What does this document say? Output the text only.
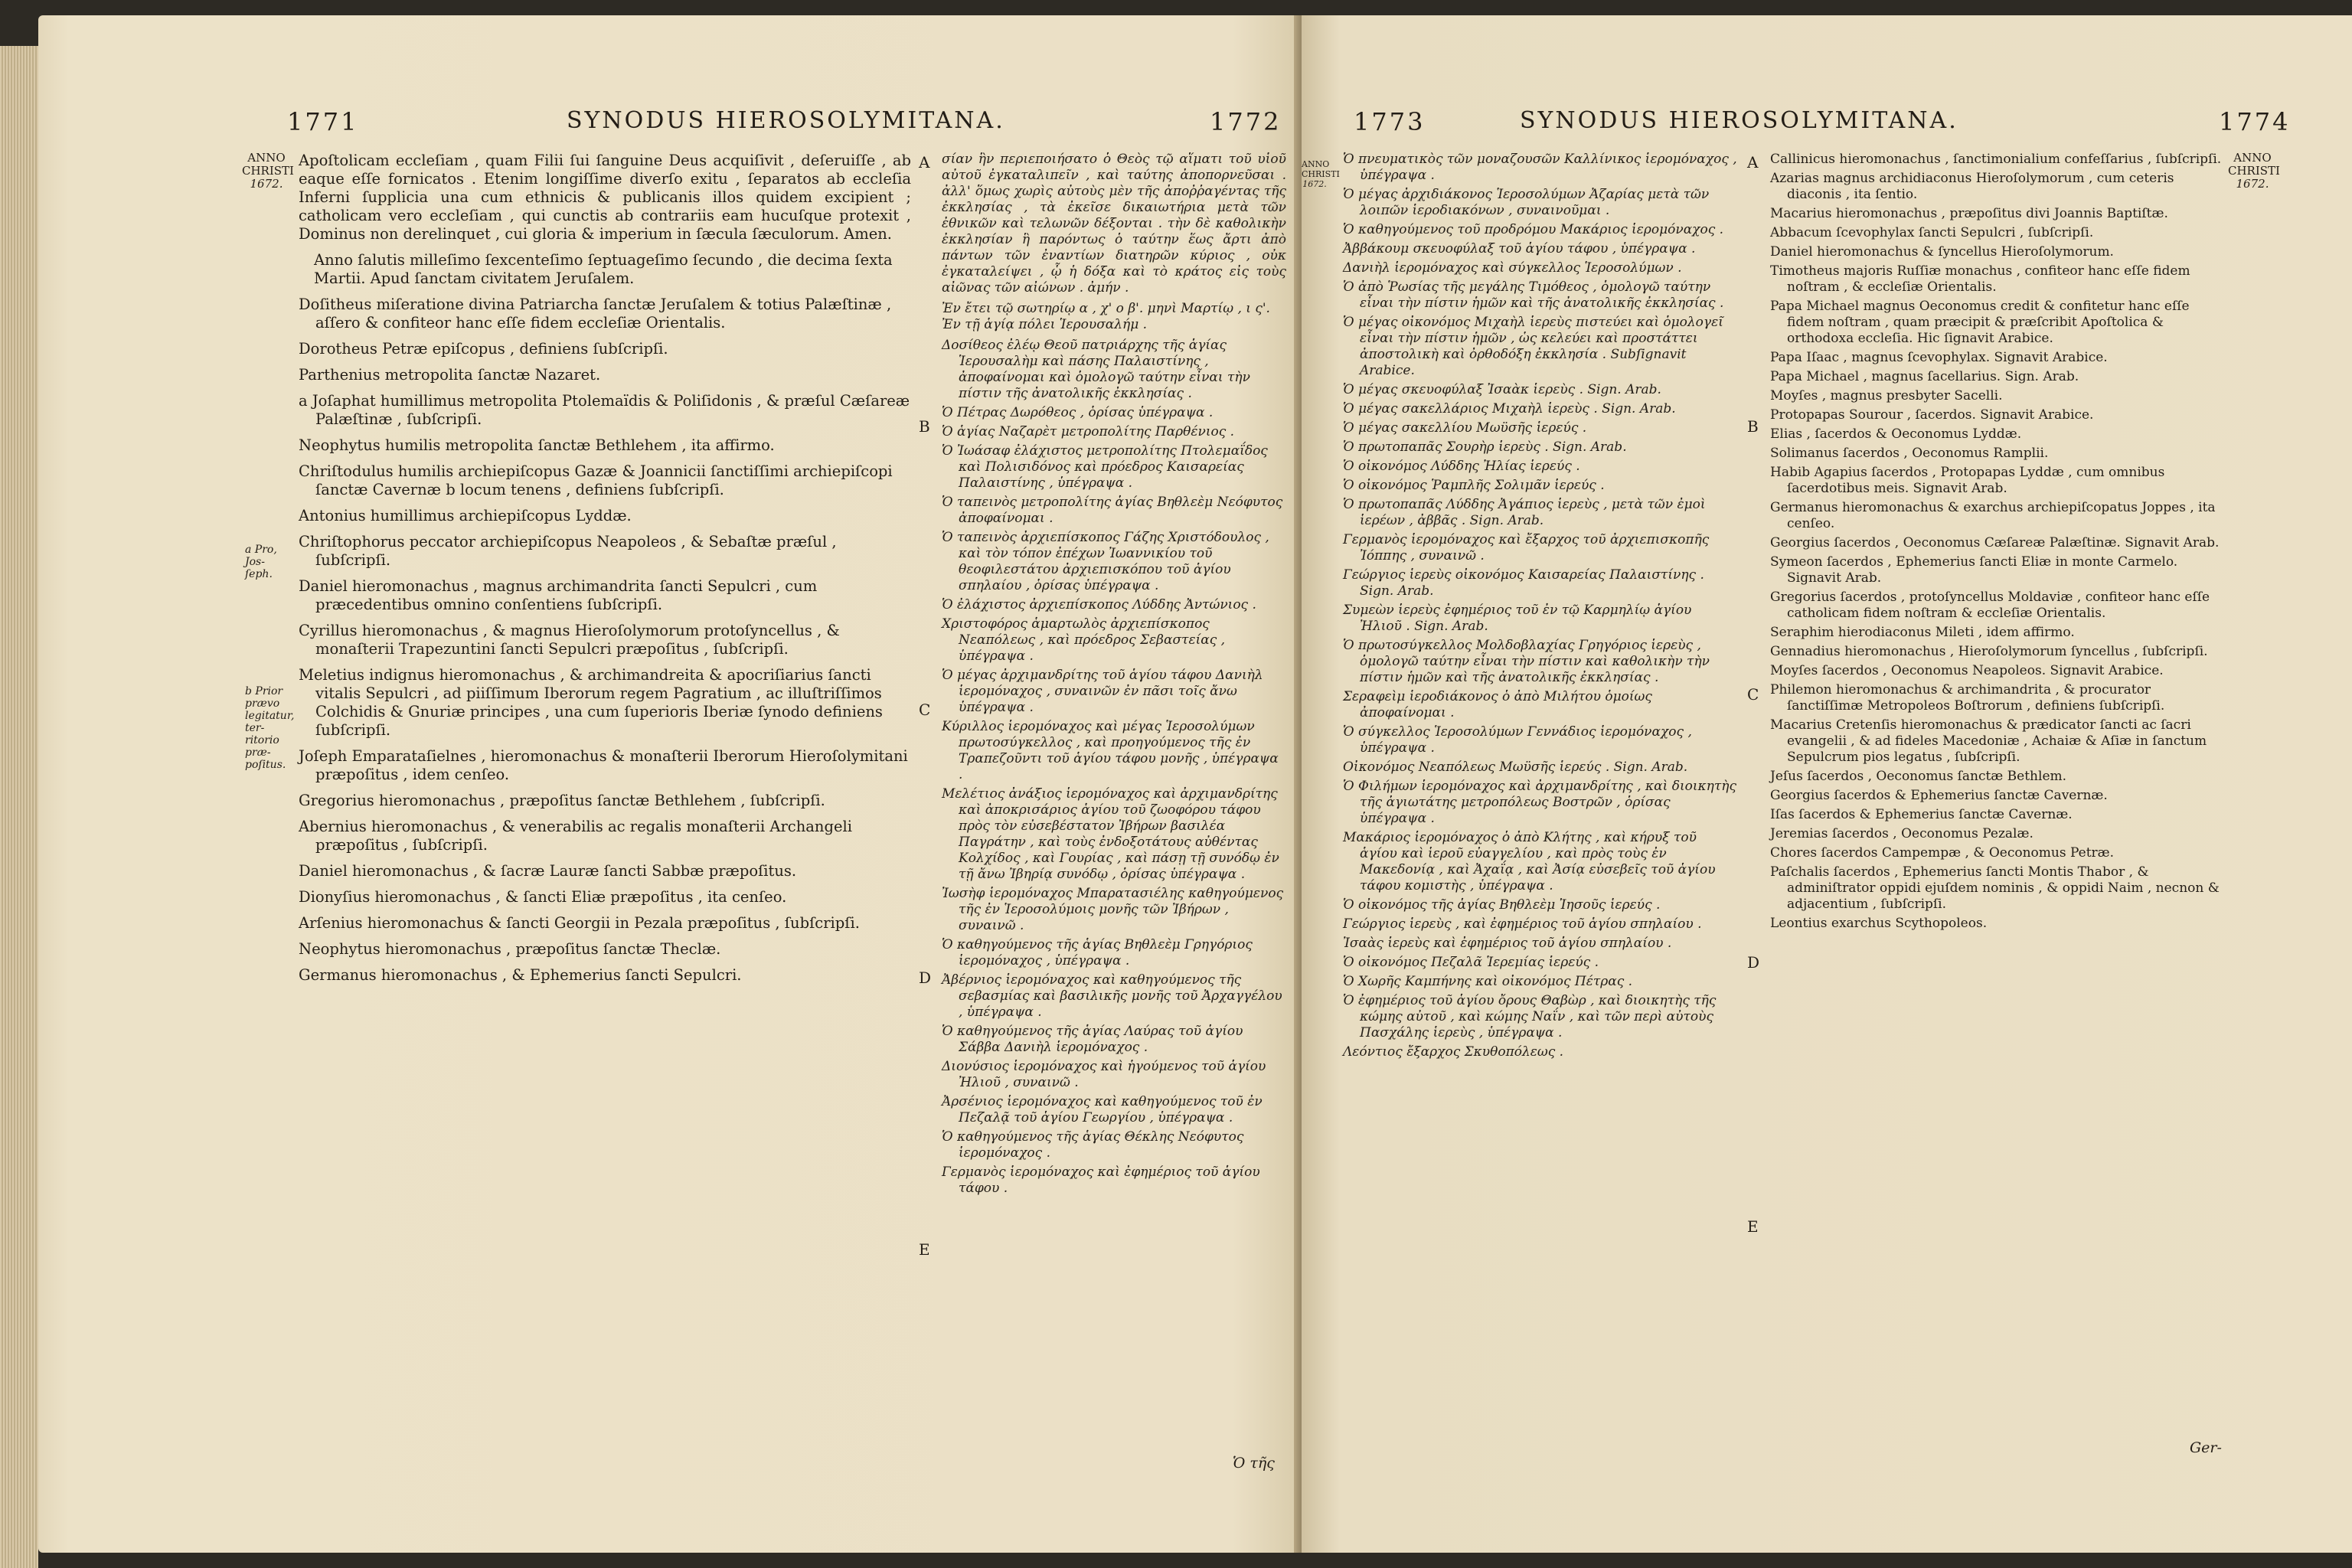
1771	SYNODUS HIEROSOLYMITANA.	1772
ANNO
CHRISTI
1672.
a Pro, Jos-ſeph.
b Prior prævo legitatur, ter-ritorio præ-poſitus.

Apoſtolicam eccleſiam , quam Filii ſui ſanguine Deus acquiſivit , deſeruiſſe , ab eaque eſſe fornicatos . Etenim longiſſime diverſo exitu , ſeparatos ab eccleſia Inferni ſupplicia una cum ethnicis & publicanis illos quidem excipient ; catholicam vero eccleſiam , qui cunctis ab contrariis eam hucuſque protexit , Dominus non derelinquet , cui gloria & imperium in ſæcula ſæculorum. Amen.

Anno ſalutis milleſimo ſexcenteſimo ſeptuageſimo ſecundo , die decima ſexta Martii. Apud ſanctam civitatem Jeruſalem.

Doſitheus miſeratione divina Patriarcha ſanctæ Jeruſalem & totius Palæſtinæ , aſſero & confiteor hanc eſſe fidem eccleſiæ Orientalis.
Dorotheus Petræ epiſcopus , definiens ſubſcripſi.
Parthenius metropolita ſanctæ Nazaret.
a Joſaphat humillimus metropolita Ptolemaïdis & Poliſidonis , & præſul Cæſareæ Palæſtinæ , ſubſcripſi.
Neophytus humilis metropolita ſanctæ Bethlehem , ita affirmo.
Chriſtodulus humilis archiepiſcopus Gazæ & Joannicii ſanctiſſimi archiepiſcopi ſanctæ Cavernæ b locum tenens , definiens ſubſcripſi.
Antonius humillimus archiepiſcopus Lyddæ.
Chriſtophorus peccator archiepiſcopus Neapoleos , & Sebaſtæ præſul , ſubſcripſi.
Daniel hieromonachus , magnus archimandrita ſancti Sepulcri , cum præcedentibus omnino conſentiens ſubſcripſi.
Cyrillus hieromonachus , & magnus Hieroſolymorum protoſyncellus , & monaſterii Trapezuntini ſancti Sepulcri præpoſitus , ſubſcripſi.
Meletius indignus hieromonachus , & archimandreita & apocriſiarius ſancti vitalis Sepulcri , ad piiſſimum Iberorum regem Pagratium , ac illuſtriſſimos Colchidis & Gnuriæ principes , una cum ſuperioris Iberiæ ſynodo definiens ſubſcripſi.
Joſeph Emparataſielnes , hieromonachus & monaſterii Iberorum Hieroſolymitani præpoſitus , idem cenſeo.
Gregorius hieromonachus , præpoſitus ſanctæ Bethlehem , ſubſcripſi.
Abernius hieromonachus , & venerabilis ac regalis monaſterii Archangeli præpoſitus , ſubſcripſi.
Daniel hieromonachus , & ſacræ Lauræ ſancti Sabbæ præpoſitus.
Dionyſius hieromonachus , & ſancti Eliæ præpoſitus , ita cenſeo.
Arſenius hieromonachus & ſancti Georgii in Pezala præpoſitus , ſubſcripſi.
Neophytus hieromonachus , præpoſitus ſanctæ Theclæ.
Germanus hieromonachus , & Ephemerius ſancti Sepulcri.
A
B
C
D
E

σίαν ἣν περιεποιήσατο ὁ Θεὸς τῷ αἵματι τοῦ υἱοῦ αὐτοῦ ἐγκαταλιπεῖν , καὶ ταύτης ἀποπορνεῦσαι . ἀλλ' ὅμως χωρὶς αὐτοὺς μὲν τῆς ἀποῤῥαγέντας τῆς ἐκκλησίας , τὰ ἐκεῖσε δικαιωτήρια μετὰ τῶν ἐθνικῶν καὶ τελωνῶν δέξονται . τὴν δὲ καθολικὴν ἐκκλησίαν ἣ παρόντως ὁ ταύτην ἕως ἄρτι ἀπὸ πάντων τῶν ἐναντίων διατηρῶν κύριος , οὐκ ἐγκαταλείψει , ᾧ ἡ δόξα καὶ τὸ κράτος εἰς τοὺς αἰῶνας τῶν αἰώνων . ἀμήν .

Ἐν ἔτει τῷ σωτηρίῳ α , χ' ο β'. μηνὶ Μαρτίῳ , ι ς'. Ἐν τῇ ἁγίᾳ πόλει Ἱερουσαλήμ .

Δοσίθεος ἐλέῳ Θεοῦ πατριάρχης τῆς ἁγίας Ἱερουσαλὴμ καὶ πάσης Παλαιστίνης , ἀποφαίνομαι καὶ ὁμολογῶ ταύτην εἶναι τὴν πίστιν τῆς ἀνατολικῆς ἐκκλησίας .
Ὁ Πέτρας Δωρόθεος , ὁρίσας ὑπέγραψα .
Ὁ ἁγίας Ναζαρὲτ μετροπολίτης Παρθένιος .
Ὁ Ἰωάσαφ ἐλάχιστος μετροπολίτης Πτολεμαΐδος καὶ Πολισιδόνος καὶ πρόεδρος Καισαρείας Παλαιστίνης , ὑπέγραψα .
Ὁ ταπεινὸς μετροπολίτης ἁγίας Βηθλεὲμ Νεόφυτος ἀποφαίνομαι .
Ὁ ταπεινὸς ἀρχιεπίσκοπος Γάζης Χριστόδουλος , καὶ τὸν τόπον ἐπέχων Ἰωαννικίου τοῦ θεοφιλεστάτου ἀρχιεπισκόπου τοῦ ἁγίου σπηλαίου , ὁρίσας ὑπέγραψα .
Ὁ ἐλάχιστος ἀρχιεπίσκοπος Λύδδης Ἀντώνιος .
Χριστοφόρος ἁμαρτωλὸς ἀρχιεπίσκοπος Νεαπόλεως , καὶ πρόεδρος Σεβαστείας , ὑπέγραψα .
Ὁ μέγας ἀρχιμανδρίτης τοῦ ἁγίου τάφου Δανιὴλ ἱερομόναχος , συναινῶν ἐν πᾶσι τοῖς ἄνω ὑπέγραψα .
Κύριλλος ἱερομόναχος καὶ μέγας Ἱεροσολύμων πρωτοσύγκελλος , καὶ προηγούμενος τῆς ἐν Τραπεζοῦντι τοῦ ἁγίου τάφου μονῆς , ὑπέγραψα .
Μελέτιος ἀνάξιος ἱερομόναχος καὶ ἀρχιμανδρίτης καὶ ἀποκρισάριος ἁγίου τοῦ ζωοφόρου τάφου πρὸς τὸν εὐσεβέστατον Ἰβήρων βασιλέα Παγράτην , καὶ τοὺς ἐνδοξοτάτους αὐθέντας Κολχίδος , καὶ Γουρίας , καὶ πάσῃ τῇ συνόδῳ ἐν τῇ ἄνω Ἰβηρίᾳ συνόδῳ , ὁρίσας ὑπέγραψα .
Ἰωσὴφ ἱερομόναχος Μπαρατασιέλης καθηγούμενος τῆς ἐν Ἱεροσολύμοις μονῆς τῶν Ἰβήρων , συναινῶ .
Ὁ καθηγούμενος τῆς ἁγίας Βηθλεὲμ Γρηγόριος ἱερομόναχος , ὑπέγραψα .
Ἀβέρνιος ἱερομόναχος καὶ καθηγούμενος τῆς σεβασμίας καὶ βασιλικῆς μονῆς τοῦ Ἀρχαγγέλου , ὑπέγραψα .
Ὁ καθηγούμενος τῆς ἁγίας Λαύρας τοῦ ἁγίου Σάββα Δανιὴλ ἱερομόναχος .
Διονύσιος ἱερομόναχος καὶ ἡγούμενος τοῦ ἁγίου Ἠλιοῦ , συναινῶ .
Ἀρσένιος ἱερομόναχος καὶ καθηγούμενος τοῦ ἐν Πεζαλᾷ τοῦ ἁγίου Γεωργίου , ὑπέγραψα .
Ὁ καθηγούμενος τῆς ἁγίας Θέκλης Νεόφυτος ἱερομόναχος .
Γερμανὸς ἱερομόναχος καὶ ἐφημέριος τοῦ ἁγίου τάφου .
Ὁ τῆς
1773	SYNODUS HIEROSOLYMITANA.	1774
ANNO
CHRISTI
1672.
Ὁ πνευματικὸς τῶν μοναζουσῶν Καλλίνικος ἱερομόναχος , ὑπέγραψα .
Ὁ μέγας ἀρχιδιάκονος Ἱεροσολύμων Ἀζαρίας μετὰ τῶν λοιπῶν ἱεροδιακόνων , συναινοῦμαι .
Ὁ καθηγούμενος τοῦ προδρόμου Μακάριος ἱερομόναχος .
Ἀββάκουμ σκευοφύλαξ τοῦ ἁγίου τάφου , ὑπέγραψα .
Δανιὴλ ἱερομόναχος καὶ σύγκελλος Ἱεροσολύμων .
Ὁ ἀπὸ Ῥωσίας τῆς μεγάλης Τιμόθεος , ὁμολογῶ ταύτην εἶναι τὴν πίστιν ἡμῶν καὶ τῆς ἀνατολικῆς ἐκκλησίας .
Ὁ μέγας οἰκονόμος Μιχαὴλ ἱερεὺς πιστεύει καὶ ὁμολογεῖ εἶναι τὴν πίστιν ἡμῶν , ὡς κελεύει καὶ προστάττει ἀποστολικὴ καὶ ὀρθοδόξη ἐκκλησία . Subſignavit Arabice.
Ὁ μέγας σκευοφύλαξ Ἰσαὰκ ἱερεὺς . Sign. Arab.
Ὁ μέγας σακελλάριος Μιχαὴλ ἱερεὺς . Sign. Arab.
Ὁ μέγας σακελλίου Μωϋσῆς ἱερεύς .
Ὁ πρωτοπαπᾶς Σουρὴρ ἱερεὺς . Sign. Arab.
Ὁ οἰκονόμος Λύδδης Ἠλίας ἱερεύς .
Ὁ οἰκονόμος Ῥαμπλῆς Σολιμᾶν ἱερεύς .
Ὁ πρωτοπαπᾶς Λύδδης Ἀγάπιος ἱερεὺς , μετὰ τῶν ἐμοὶ ἱερέων , ἀββᾶς . Sign. Arab.
Γερμανὸς ἱερομόναχος καὶ ἔξαρχος τοῦ ἀρχιεπισκοπῆς Ἰόππης , συναινῶ .
Γεώργιος ἱερεὺς οἰκονόμος Καισαρείας Παλαιστίνης . Sign. Arab.
Συμεὼν ἱερεὺς ἐφημέριος τοῦ ἐν τῷ Καρμηλίῳ ἁγίου Ἠλιοῦ . Sign. Arab.
Ὁ πρωτοσύγκελλος Μολδοβλαχίας Γρηγόριος ἱερεὺς , ὁμολογῶ ταύτην εἶναι τὴν πίστιν καὶ καθολικὴν τὴν πίστιν ἡμῶν καὶ τῆς ἀνατολικῆς ἐκκλησίας .
Σεραφεὶμ ἱεροδιάκονος ὁ ἀπὸ Μιλήτου ὁμοίως ἀποφαίνομαι .
Ὁ σύγκελλος Ἱεροσολύμων Γεννάδιος ἱερομόναχος , ὑπέγραψα .
Οἰκονόμος Νεαπόλεως Μωϋσῆς ἱερεύς . Sign. Arab.
Ὁ Φιλήμων ἱερομόναχος καὶ ἀρχιμανδρίτης , καὶ διοικητὴς τῆς ἁγιωτάτης μετροπόλεως Βοστρῶν , ὁρίσας ὑπέγραψα .
Μακάριος ἱερομόναχος ὁ ἀπὸ Κλήτης , καὶ κήρυξ τοῦ ἁγίου καὶ ἱεροῦ εὐαγγελίου , καὶ πρὸς τοὺς ἐν Μακεδονίᾳ , καὶ Ἀχαΐᾳ , καὶ Ἀσίᾳ εὐσεβεῖς τοῦ ἁγίου τάφου κομιστὴς , ὑπέγραψα .
Ὁ οἰκονόμος τῆς ἁγίας Βηθλεὲμ Ἰησοῦς ἱερεύς .
Γεώργιος ἱερεὺς , καὶ ἐφημέριος τοῦ ἁγίου σπηλαίου .
Ἰσαὰς ἱερεὺς καὶ ἐφημέριος τοῦ ἁγίου σπηλαίου .
Ὁ οἰκονόμος Πεζαλᾶ Ἱερεμίας ἱερεύς .
Ὁ Χωρῆς Καμπήνης καὶ οἰκονόμος Πέτρας .
Ὁ ἐφημέριος τοῦ ἁγίου ὄρους Θαβὼρ , καὶ διοικητὴς τῆς κώμης αὐτοῦ , καὶ κώμης Ναΐν , καὶ τῶν περὶ αὐτοὺς Πασχάλης ἱερεὺς , ὑπέγραψα .
Λεόντιος ἔξαρχος Σκυθοπόλεως .
A
B
C
D
E
Callinicus hieromonachus , ſanctimonialium confeſſarius , ſubſcripſi.
Azarias magnus archidiaconus Hieroſolymorum , cum ceteris diaconis , ita ſentio.
Macarius hieromonachus , præpoſitus divi Joannis Baptiſtæ.
Abbacum ſcevophylax ſancti Sepulcri , ſubſcripſi.
Daniel hieromonachus & ſyncellus Hieroſolymorum.
Timotheus majoris Ruſſiæ monachus , confiteor hanc eſſe fidem noſtram , & eccleſiæ Orientalis.
Papa Michael magnus Oeconomus credit & confitetur hanc eſſe fidem noſtram , quam præcipit & præſcribit Apoſtolica & orthodoxa eccleſia. Hic ſignavit Arabice.
Papa Iſaac , magnus ſcevophylax. Signavit Arabice.
Papa Michael , magnus ſacellarius. Sign. Arab.
Moyſes , magnus presbyter Sacelli.
Protopapas Sourour , ſacerdos. Signavit Arabice.
Elias , ſacerdos & Oeconomus Lyddæ.
Solimanus ſacerdos , Oeconomus Ramplii.
Habib Agapius ſacerdos , Protopapas Lyddæ , cum omnibus ſacerdotibus meis. Signavit Arab.
Germanus hieromonachus & exarchus archiepiſcopatus Joppes , ita cenſeo.
Georgius ſacerdos , Oeconomus Cæſareæ Palæſtinæ. Signavit Arab.
Symeon ſacerdos , Ephemerius ſancti Eliæ in monte Carmelo. Signavit Arab.
Gregorius ſacerdos , protoſyncellus Moldaviæ , confiteor hanc eſſe catholicam fidem noſtram & eccleſiæ Orientalis.
Seraphim hierodiaconus Mileti , idem affirmo.
Gennadius hieromonachus , Hieroſolymorum ſyncellus , ſubſcripſi.
Moyſes ſacerdos , Oeconomus Neapoleos. Signavit Arabice.
Philemon hieromonachus & archimandrita , & procurator ſanctiſſimæ Metropoleos Boſtrorum , definiens ſubſcripſi.
Macarius Cretenſis hieromonachus & prædicator ſancti ac ſacri evangelii , & ad fideles Macedoniæ , Achaiæ & Aſiæ in ſanctum Sepulcrum pios legatus , ſubſcripſi.
Jeſus ſacerdos , Oeconomus ſanctæ Bethlem.
Georgius ſacerdos & Ephemerius ſanctæ Cavernæ.
Iſas ſacerdos & Ephemerius ſanctæ Cavernæ.
Jeremias ſacerdos , Oeconomus Pezalæ.
Chores ſacerdos Campempæ , & Oeconomus Petræ.
Paſchalis ſacerdos , Ephemerius ſancti Montis Thabor , & adminiſtrator oppidi ejuſdem nominis , & oppidi Naim , necnon & adjacentium , ſubſcripſi.
Leontius exarchus Scythopoleos.
ANNO
CHRISTI
1672.
Ger-
